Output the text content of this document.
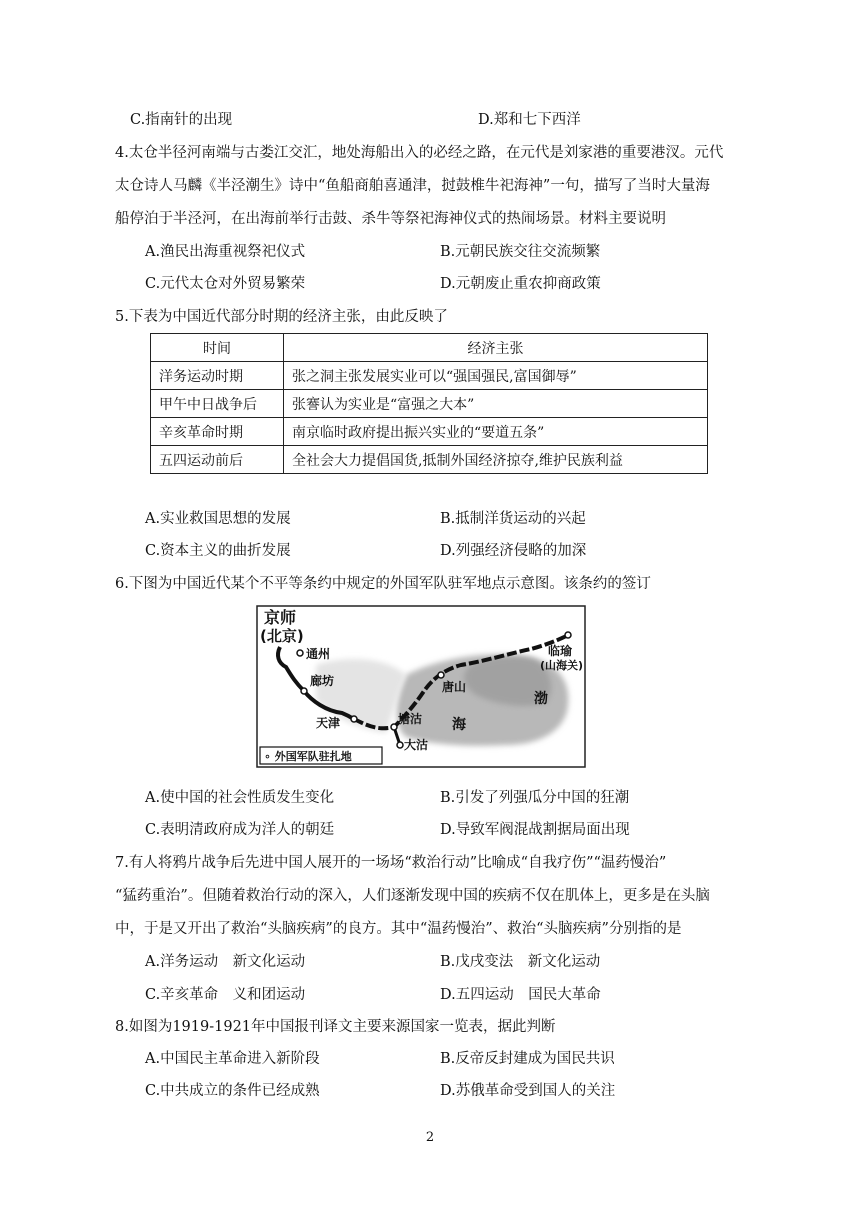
C.指南针的出现	D.郑和七下西洋
4.太仓半径河南端与古娄江交汇，地处海船出入的必经之路，在元代是刘家港的重要港汊。元代
太仓诗人马麟《半泾潮生》诗中“鱼船商舶喜通津，挝鼓椎牛祀海神”一句，描写了当时大量海
船停泊于半泾河，在出海前举行击鼓、杀牛等祭祀海神仪式的热闹场景。材料主要说明
A.渔民出海重视祭祀仪式	B.元朝民族交往交流频繁
C.元代太仓对外贸易繁荣	D.元朝废止重农抑商政策
5.下表为中国近代部分时期的经济主张，由此反映了
时间	经济主张
洋务运动时期	张之洞主张发展实业可以“强国强民,富国御辱”
甲午中日战争后	张謇认为实业是“富强之大本”
辛亥革命时期	南京临时政府提出振兴实业的“要道五条”
五四运动前后	全社会大力提倡国货,抵制外国经济掠夺,维护民族利益
A.实业救国思想的发展	B.抵制洋货运动的兴起
C.资本主义的曲折发展	D.列强经济侵略的加深
6.下图为中国近代某个不平等条约中规定的外国军队驻军地点示意图。该条约的签订
京师
(北京)
通州
廊坊
天津	塘沽
大沽
唐山
临瑜
(山海关)
渤
海
∘ 外国军队驻扎地
A.使中国的社会性质发生变化	B.引发了列强瓜分中国的狂潮
C.表明清政府成为洋人的朝廷	D.导致军阀混战割据局面出现
7.有人将鸦片战争后先进中国人展开的一场场“救治行动”比喻成“自我疗伤”“温药慢治”
“猛药重治”。但随着救治行动的深入，人们逐渐发现中国的疾病不仅在肌体上，更多是在头脑
中，于是又开出了救治“头脑疾病”的良方。其中“温药慢治”、救治“头脑疾病”分别指的是
A.洋务运动　新文化运动	B.戊戌变法　新文化运动
C.辛亥革命　义和团运动	D.五四运动　国民大革命
8.如图为1919-1921年中国报刊译文主要来源国家一览表，据此判断
A.中国民主革命进入新阶段	B.反帝反封建成为国民共识
C.中共成立的条件已经成熟	D.苏俄革命受到国人的关注
2
